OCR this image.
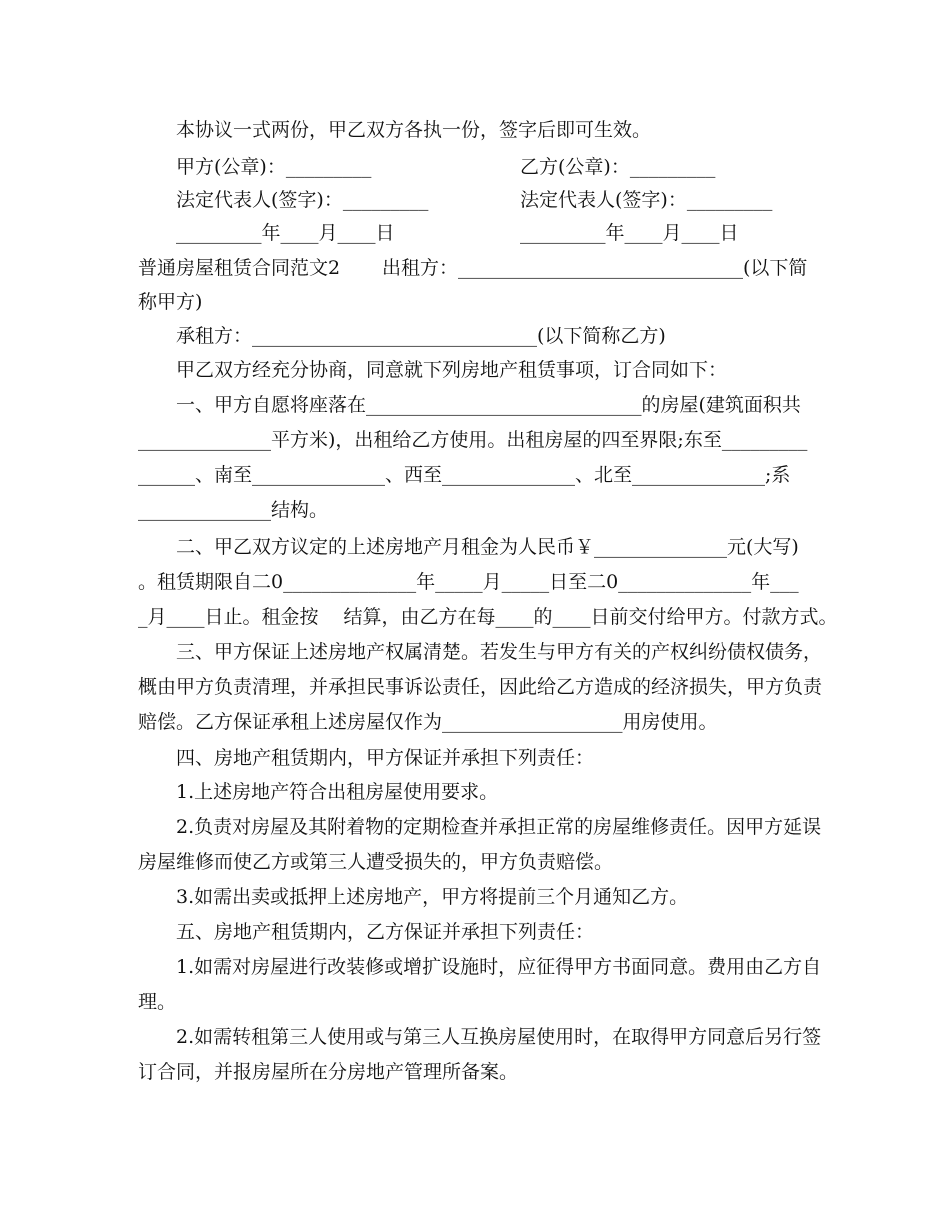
本协议一式两份，甲乙双方各执一份，签字后即可生效。
甲方(公章)：_________	乙方(公章)：_________
法定代表人(签字)：_________	法定代表人(签字)：_________
_________年____月____日	_________年____月____日
普通房屋租赁合同范文2 出租方：______________________________(以下简
称甲方)
承租方：______________________________(以下简称乙方)
甲乙双方经充分协商，同意就下列房地产租赁事项，订合同如下：
一、甲方自愿将座落在_____________________________的房屋(建筑面积共
______________平方米)，出租给乙方使用。出租房屋的四至界限;东至_________
______、南至______________、西至______________、北至______________;系
______________结构。
二、甲乙双方议定的上述房地产月租金为人民币￥______________元(大写)
。租赁期限自二0______________年_____月_____日至二0______________年___
_月____日止。租金按　 结算，由乙方在每____的____日前交付给甲方。付款方式。
三、甲方保证上述房地产权属清楚。若发生与甲方有关的产权纠纷债权债务，
概由甲方负责清理，并承担民事诉讼责任，因此给乙方造成的经济损失，甲方负责
赔偿。乙方保证承租上述房屋仅作为___________________用房使用。
四、房地产租赁期内，甲方保证并承担下列责任：
1.上述房地产符合出租房屋使用要求。
2.负责对房屋及其附着物的定期检查并承担正常的房屋维修责任。因甲方延误
房屋维修而使乙方或第三人遭受损失的，甲方负责赔偿。
3.如需出卖或抵押上述房地产，甲方将提前三个月通知乙方。
五、房地产租赁期内，乙方保证并承担下列责任：
1.如需对房屋进行改装修或增扩设施时，应征得甲方书面同意。费用由乙方自
理。
2.如需转租第三人使用或与第三人互换房屋使用时，在取得甲方同意后另行签
订合同，并报房屋所在分房地产管理所备案。
